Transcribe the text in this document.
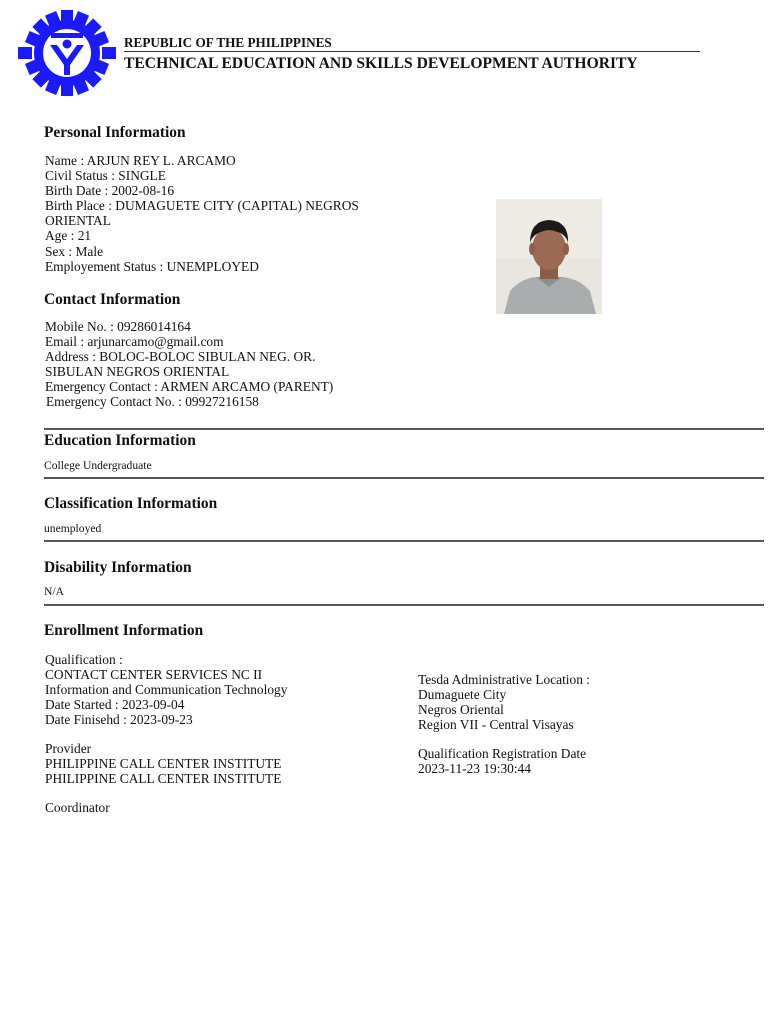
REPUBLIC OF THE PHILIPPINES
TECHNICAL EDUCATION AND SKILLS DEVELOPMENT AUTHORITY
Personal Information
Name : ARJUN REY L. ARCAMO
Civil Status : SINGLE
Birth Date : 2002-08-16
Birth Place : DUMAGUETE CITY (CAPITAL) NEGROS
ORIENTAL
Age : 21
Sex : Male
Employement Status : UNEMPLOYED
Contact Information
Mobile No. : 09286014164
Email : arjunarcamo@gmail.com
Address : BOLOC-BOLOC SIBULAN NEG. OR.
SIBULAN NEGROS ORIENTAL
Emergency Contact : ARMEN ARCAMO (PARENT)
Emergency Contact No. : 09927216158
Education Information
College Undergraduate
Classification Information
unemployed
Disability Information
N/A
Enrollment Information
Qualification :
CONTACT CENTER SERVICES NC II
Information and Communication Technology
Date Started : 2023-09-04
Date Finisehd : 2023-09-23
Provider
PHILIPPINE CALL CENTER INSTITUTE
PHILIPPINE CALL CENTER INSTITUTE
Coordinator
Tesda Administrative Location :
Dumaguete City
Negros Oriental
Region VII - Central Visayas
Qualification Registration Date
2023-11-23 19:30:44
